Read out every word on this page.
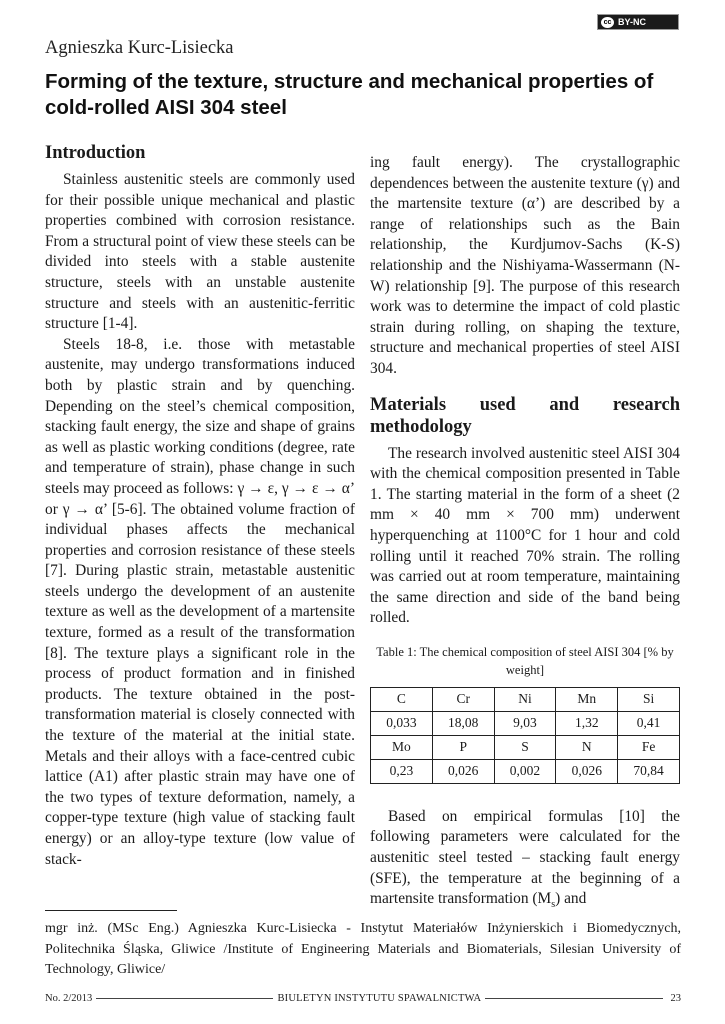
cc BY-NC
Agnieszka Kurc-Lisiecka
Forming of the texture, structure and mechanical properties of cold-rolled AISI 304 steel
Introduction

Stainless austenitic steels are commonly used for their possible unique mechanical and plastic properties combined with corrosion resistance. From a structural point of view these steels can be divided into steels with a stable austenite structure, steels with an unstable austenite structure and steels with an austenitic-ferritic structure [1-4].

Steels 18-8, i.e. those with metastable austenite, may undergo transformations induced both by plastic strain and by quenching. Depending on the steel’s chemical composition, stacking fault energy, the size and shape of grains as well as plastic working conditions (degree, rate and temperature of strain), phase change in such steels may proceed as follows: γ → ε, γ → ε → α’ or γ → α’ [5-6]. The obtained volume fraction of individual phases affects the mechanical properties and corrosion resistance of these steels [7]. During plastic strain, metastable austenitic steels undergo the development of an austenite texture as well as the development of a martensite texture, formed as a result of the transformation [8]. The texture plays a significant role in the process of product formation and in finished products. The texture obtained in the post-transformation material is closely connected with the texture of the material at the initial state. Metals and their alloys with a face-centred cubic lattice (A1) after plastic strain may have one of the two types of texture deformation, namely, a copper-type texture (high value of stacking fault energy) or an alloy-type texture (low value of stack-

ing fault energy). The crystallographic dependences between the austenite texture (γ) and the martensite texture (α’) are described by a range of relationships such as the Bain relationship, the Kurdjumov-Sachs (K-S) relationship and the Nishiyama-Wassermann (N-W) relationship [9]. The purpose of this research work was to determine the impact of cold plastic strain during rolling, on shaping the texture, structure and mechanical properties of steel AISI 304.

Materials used and research methodology

The research involved austenitic steel AISI 304 with the chemical composition presented in Table 1. The starting material in the form of a sheet (2 mm × 40 mm × 700 mm) underwent hyperquenching at 1100°C for 1 hour and cold rolling until it reached 70% strain. The rolling was carried out at room temperature, maintaining the same direction and side of the band being rolled.

Table 1: The chemical composition of steel AISI 304 [% by weight]
C	Cr	Ni	Mn	Si
0,033	18,08	9,03	1,32	0,41
Mo	P	S	N	Fe
0,23	0,026	0,002	0,026	70,84

Based on empirical formulas [10] the following parameters were calculated for the austenitic steel tested – stacking fault energy (SFE), the temperature at the beginning of a martensite transformation $(M_s)$ and

mgr inż. (MSc Eng.) Agnieszka Kurc-Lisiecka - Instytut Materiałów Inżynierskich i Biomedycznych, Politechnika Śląska, Gliwice /Institute of Engineering Materials and Biomaterials, Silesian University of Technology, Gliwice/

No. 2/2013	BIULETYN INSTYTUTU SPAWALNICTWA	23
